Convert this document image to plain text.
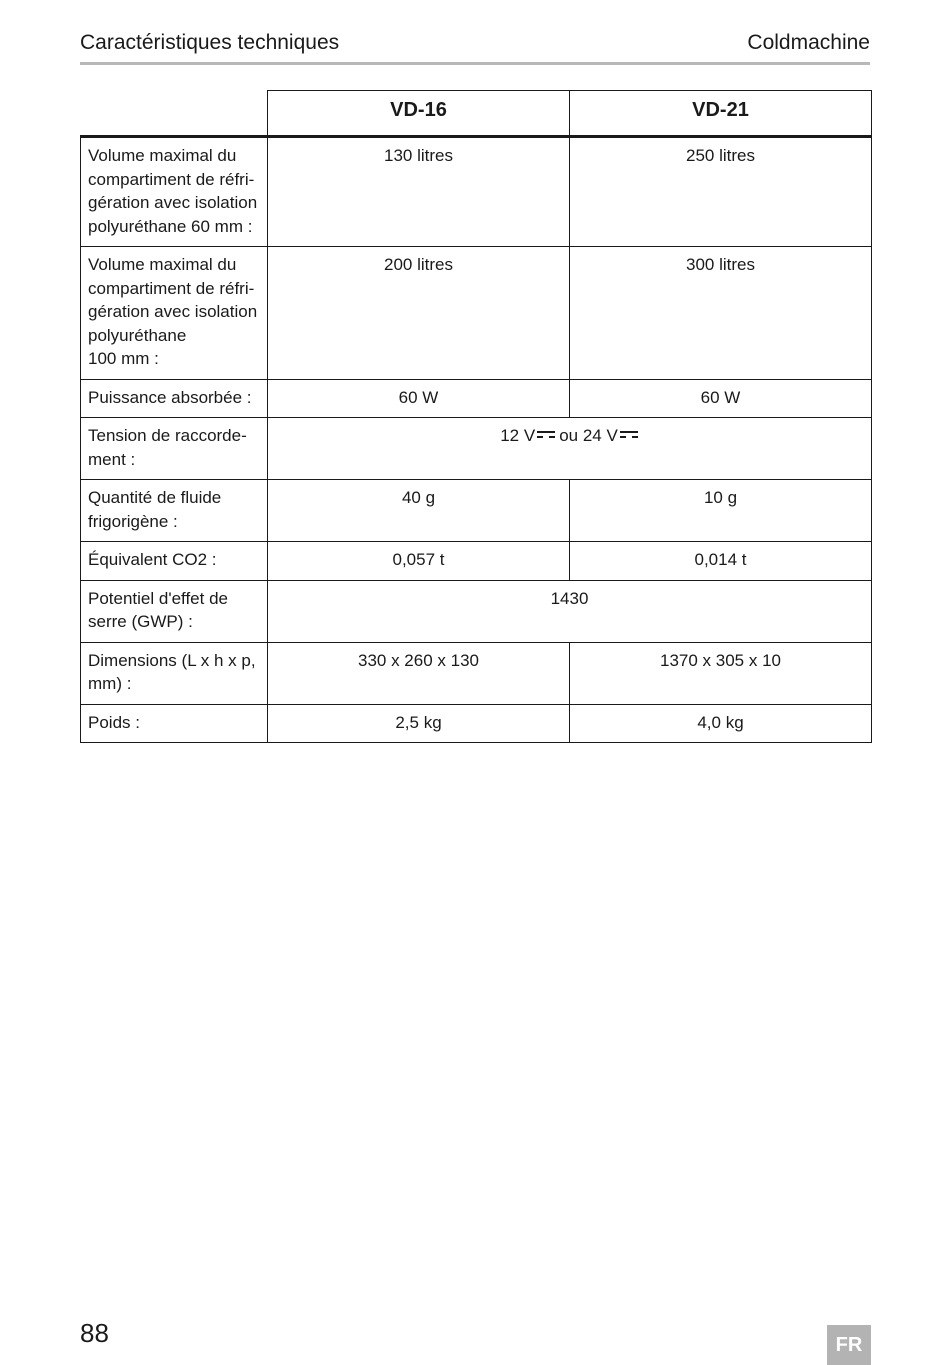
Caractéristiques techniques	Coldmachine
	VD-16	VD-21
Volume maximal du
compartiment de réfri-
gération avec isolation
polyuréthane 60 mm :	130 litres	250 litres
Volume maximal du
compartiment de réfri-
gération avec isolation
polyuréthane
100 mm :	200 litres	300 litres
Puissance absorbée :	60 W	60 W
Tension de raccorde-
ment :	12 V ou 24 V	
Quantité de fluide
frigorigène :	40 g	10 g
Équivalent CO2 :	0,057 t	0,014 t
Potentiel d'effet de
serre (GWP) :	1430	
Dimensions (L x h x p,
mm) :	330 x 260 x 130	1370 x 305 x 10
Poids :	2,5 kg	4,0 kg
88	FR
